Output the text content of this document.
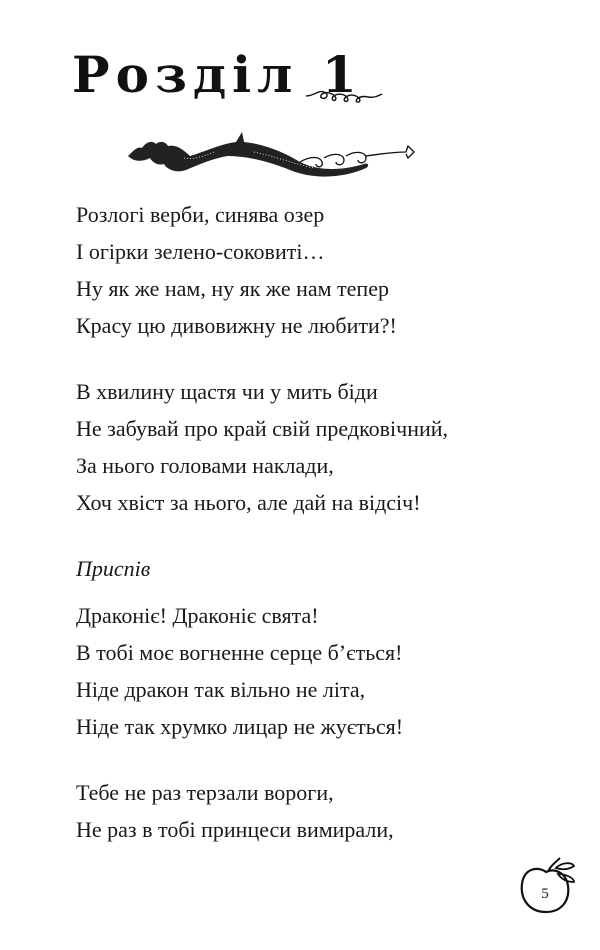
Розділ 1
Розлогі верби, синява озер
І огірки зелено-соковиті…
Ну як же нам, ну як же нам тепер
Красу цю дивовижну не любити?!
В хвилину щастя чи у мить біди
Не забувай про край свій предковічний,
За нього головами наклади,
Хоч хвіст за нього, але дай на відсіч!
Приспів
Драконіє! Драконіє свята!
В тобі моє вогненне серце б’ється!
Ніде дракон так вільно не літа,
Ніде так хрумко лицар не жується!
Тебе не раз терзали вороги,
Не раз в тобі принцеси вимирали,
5
